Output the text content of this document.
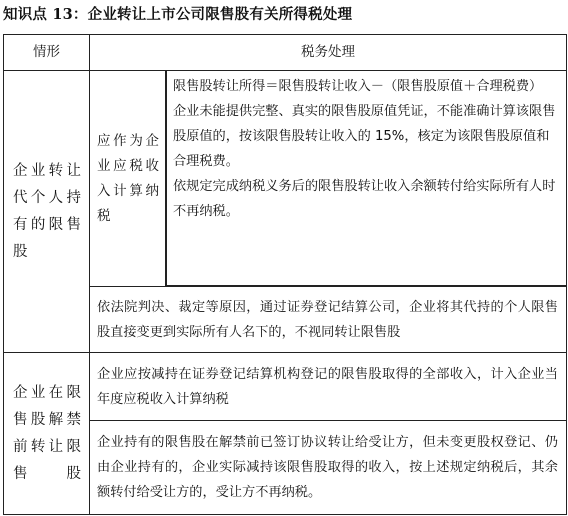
知识点 13：企业转让上市公司限售股有关所得税处理
情形	税务处理	

企业转让代个人持有的限售股	应作为企业应税收入计算纳税	限售股转让所得＝限售股转让收入－（限售股原值＋合理税费）
企业未能提供完整、真实的限售股原值凭证，不能准确计算该限售股原值的，按该限售股转让收入的 15%，核定为该限售股原值和合理税费。
依规定完成纳税义务后的限售股转让收入余额转付给实际所有人时不再纳税。

	依法院判决、裁定等原因，通过证券登记结算公司，企业将其代持的个人限售股直接变更到实际所有人名下的，不视同转让限售股	

企业在限售股解禁前转让限售股	企业应按减持在证券登记结算机构登记的限售股取得的全部收入，计入企业当年度应税收入计算纳税	
	企业持有的限售股在解禁前已签订协议转让给受让方，但未变更股权登记、仍由企业持有的，企业实际减持该限售股取得的收入，按上述规定纳税后，其余额转付给受让方的，受让方不再纳税。	
